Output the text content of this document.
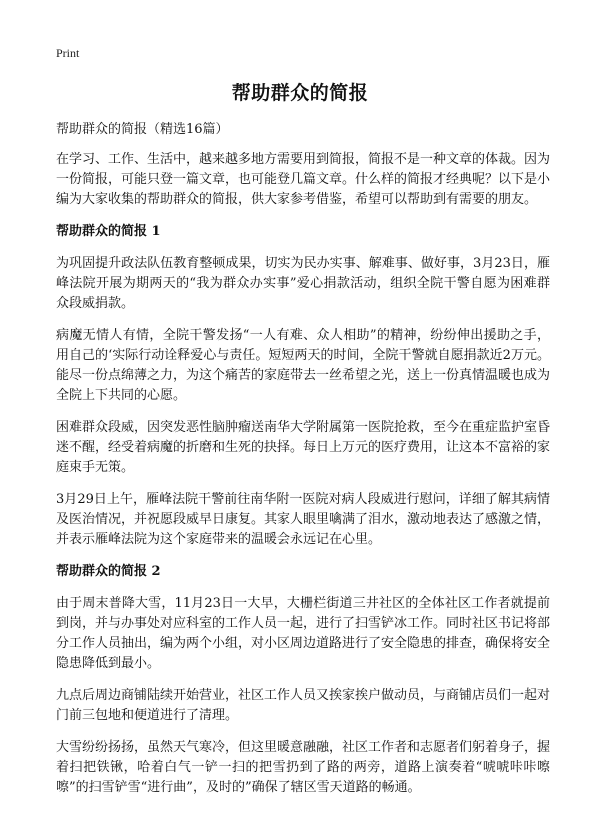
Print
帮助群众的简报

帮助群众的简报（精选16篇）

在学习、工作、生活中，越来越多地方需要用到简报，简报不是一种文章的体裁。因为一份简报，可能只登一篇文章，也可能登几篇文章。什么样的简报才经典呢？以下是小编为大家收集的帮助群众的简报，供大家参考借鉴，希望可以帮助到有需要的朋友。

帮助群众的简报 1

为巩固提升政法队伍教育整顿成果，切实为民办实事、解难事、做好事，3月23日，雁峰法院开展为期两天的“我为群众办实事”爱心捐款活动，组织全院干警自愿为困难群众段威捐款。

病魔无情人有情，全院干警发扬“一人有难、众人相助”的精神，纷纷伸出援助之手，用自己的‘实际行动诠释爱心与责任。短短两天的时间，全院干警就自愿捐款近2万元。能尽一份点绵薄之力，为这个痛苦的家庭带去一丝希望之光，送上一份真情温暖也成为全院上下共同的心愿。

困难群众段威，因突发恶性脑肿瘤送南华大学附属第一医院抢救，至今在重症监护室昏迷不醒，经受着病魔的折磨和生死的抉择。每日上万元的医疗费用，让这本不富裕的家庭束手无策。

3月29日上午，雁峰法院干警前往南华附一医院对病人段威进行慰问，详细了解其病情及医治情况，并祝愿段威早日康复。其家人眼里噙满了泪水，激动地表达了感激之情，并表示雁峰法院为这个家庭带来的温暖会永远记在心里。

帮助群众的简报 2

由于周末普降大雪，11月23日一大早，大栅栏街道三井社区的全体社区工作者就提前到岗，并与办事处对应科室的工作人员一起，进行了扫雪铲冰工作。同时社区书记将部分工作人员抽出，编为两个小组，对小区周边道路进行了安全隐患的排查，确保将安全隐患降低到最小。

九点后周边商铺陆续开始营业，社区工作人员又挨家挨户做动员，与商铺店员们一起对门前三包地和便道进行了清理。

大雪纷纷扬扬，虽然天气寒冷，但这里暖意融融，社区工作者和志愿者们躬着身子，握着扫把铁锹，哈着白气一铲一扫的把雪扔到了路的两旁，道路上演奏着“唬唬咔咔嚓嚓”的扫雪铲雪“进行曲”，及时的”确保了辖区雪天道路的畅通。
